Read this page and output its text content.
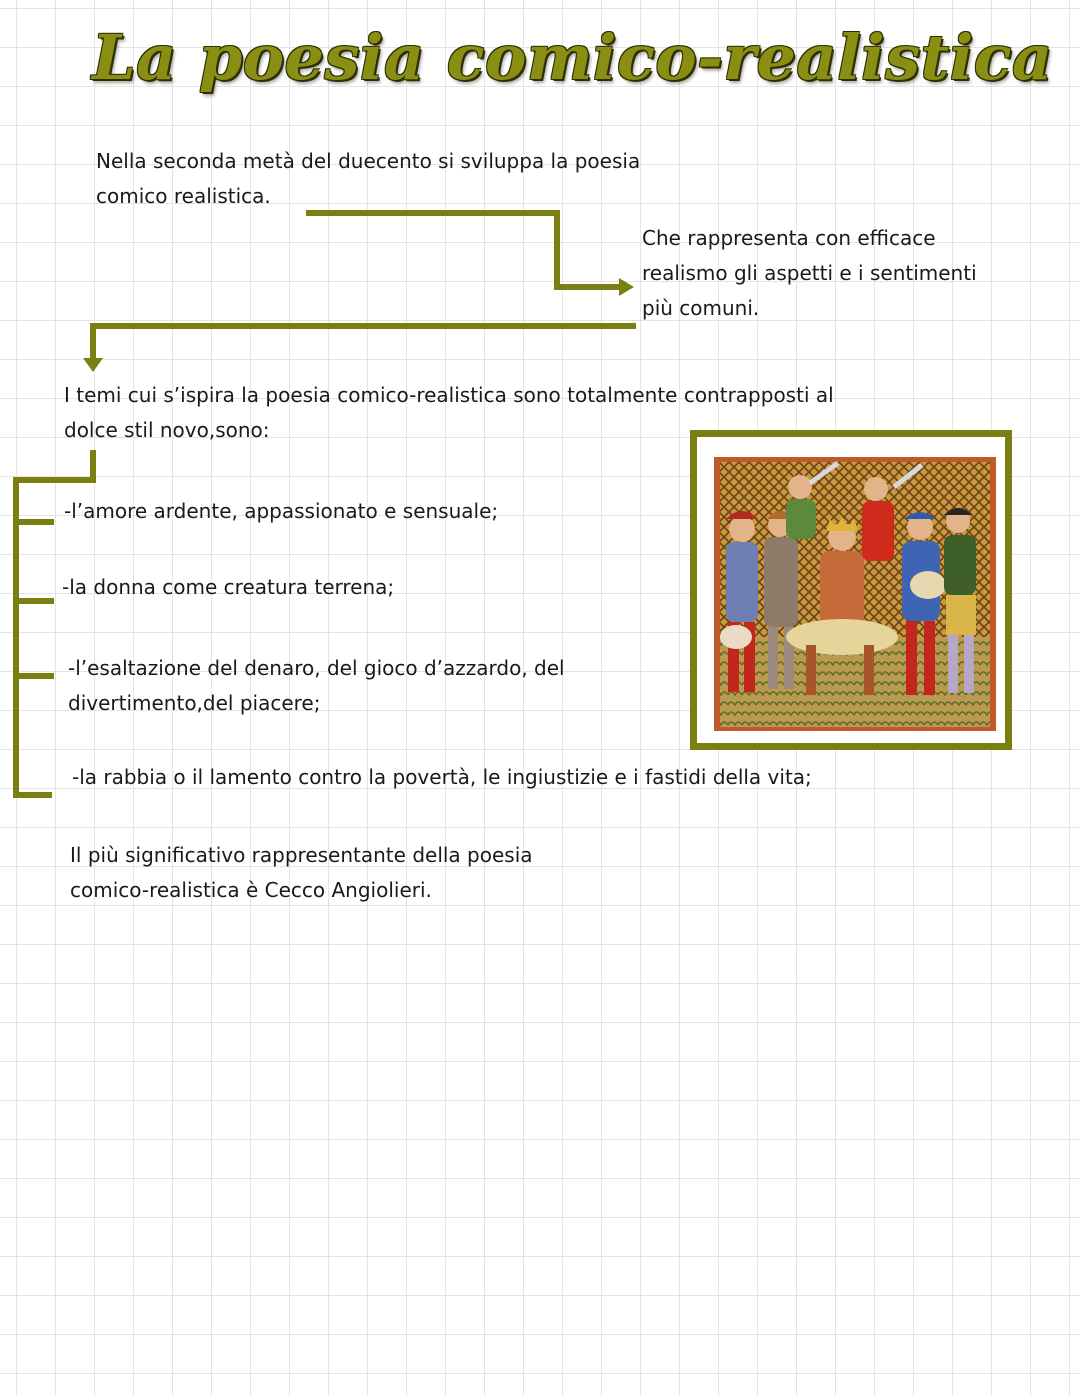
La poesia comico-realistica
Nella seconda metà del duecento si sviluppa la poesia
comico realistica.
Che rappresenta con efficace
realismo gli aspetti e i sentimenti
più comuni.
I temi cui s’ispira la poesia comico-realistica sono totalmente contrapposti al
dolce stil novo,sono:
-l’amore ardente, appassionato e sensuale;
-la donna come creatura terrena;
-l’esaltazione del denaro, del gioco d’azzardo, del
divertimento,del piacere;
-la rabbia o il lamento contro la povertà, le ingiustizie e i fastidi della vita;
Il più significativo rappresentante della poesia
comico-realistica è Cecco Angiolieri.
